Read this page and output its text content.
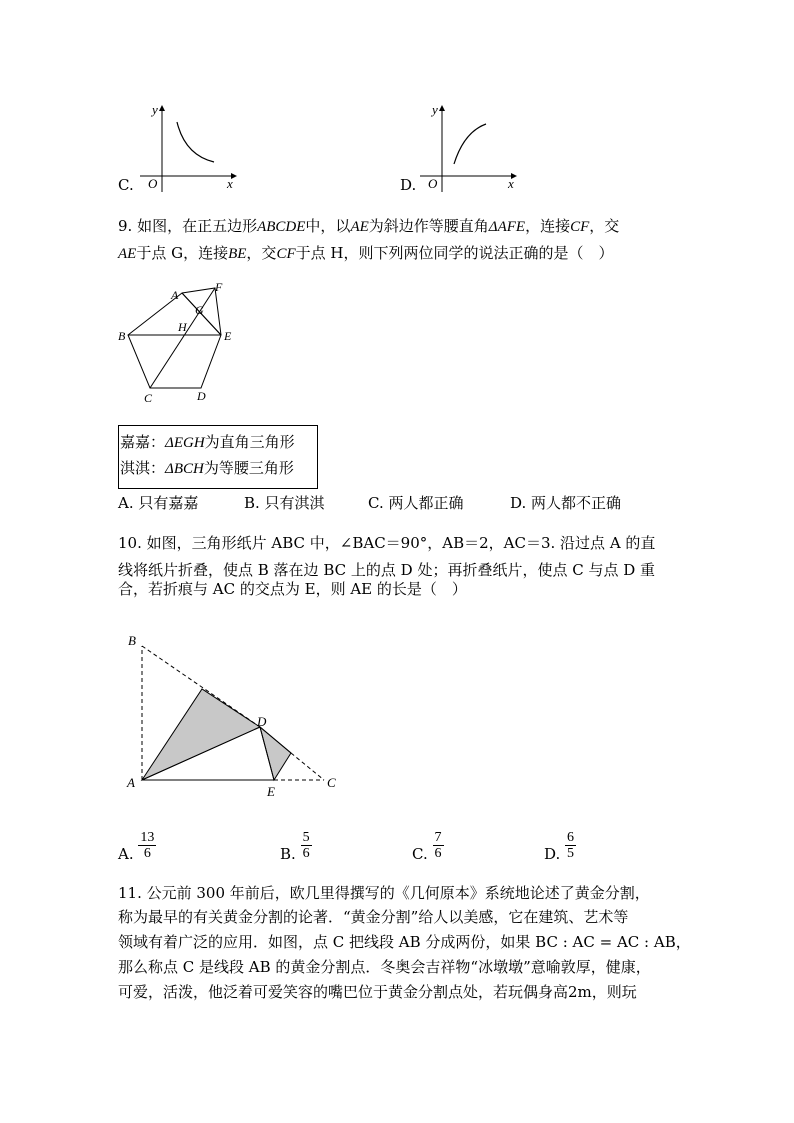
C.
y
x
O	D.
y
x
O
9. 如图，在正五边形ABCDE中，以AE为斜边作等腰直角ΔAFE，连接CF，交
AE于点 G，连接BE，交CF于点 H，则下列两位同学的说法正确的是（　）
A
F
G
H
B	E
C	D
嘉嘉：ΔEGH为直角三角形
淇淇：ΔBCH为等腰三角形
A. 只有嘉嘉	B. 只有淇淇	C. 两人都正确	D. 两人都不正确
10. 如图，三角形纸片 ABC 中，∠BAC＝90°，AB＝2，AC＝3. 沿过点 A 的直
线将纸片折叠，使点 B 落在边 BC 上的点 D 处；再折叠纸片，使点 C 与点 D 重
合，若折痕与 AC 的交点为 E，则 AE 的长是（　）
B
A
D
E
C
A. $\frac{13}{6}$	B. $\frac{5}{6}$	C. $\frac{7}{6}$	D. $\frac{6}{5}$
11. 公元前 300 年前后，欧几里得撰写的《几何原本》系统地论述了黄金分割，
称为最早的有关黄金分割的论著．“黄金分割”给人以美感，它在建筑、艺术等
领域有着广泛的应用．如图，点 C 把线段 AB 分成两份，如果 BC : AC = AC : AB，
那么称点 C 是线段 AB 的黄金分割点．冬奥会吉祥物“冰墩墩”意喻敦厚，健康，
可爱，活泼，他泛着可爱笑容的嘴巴位于黄金分割点处，若玩偶身高2m，则玩
